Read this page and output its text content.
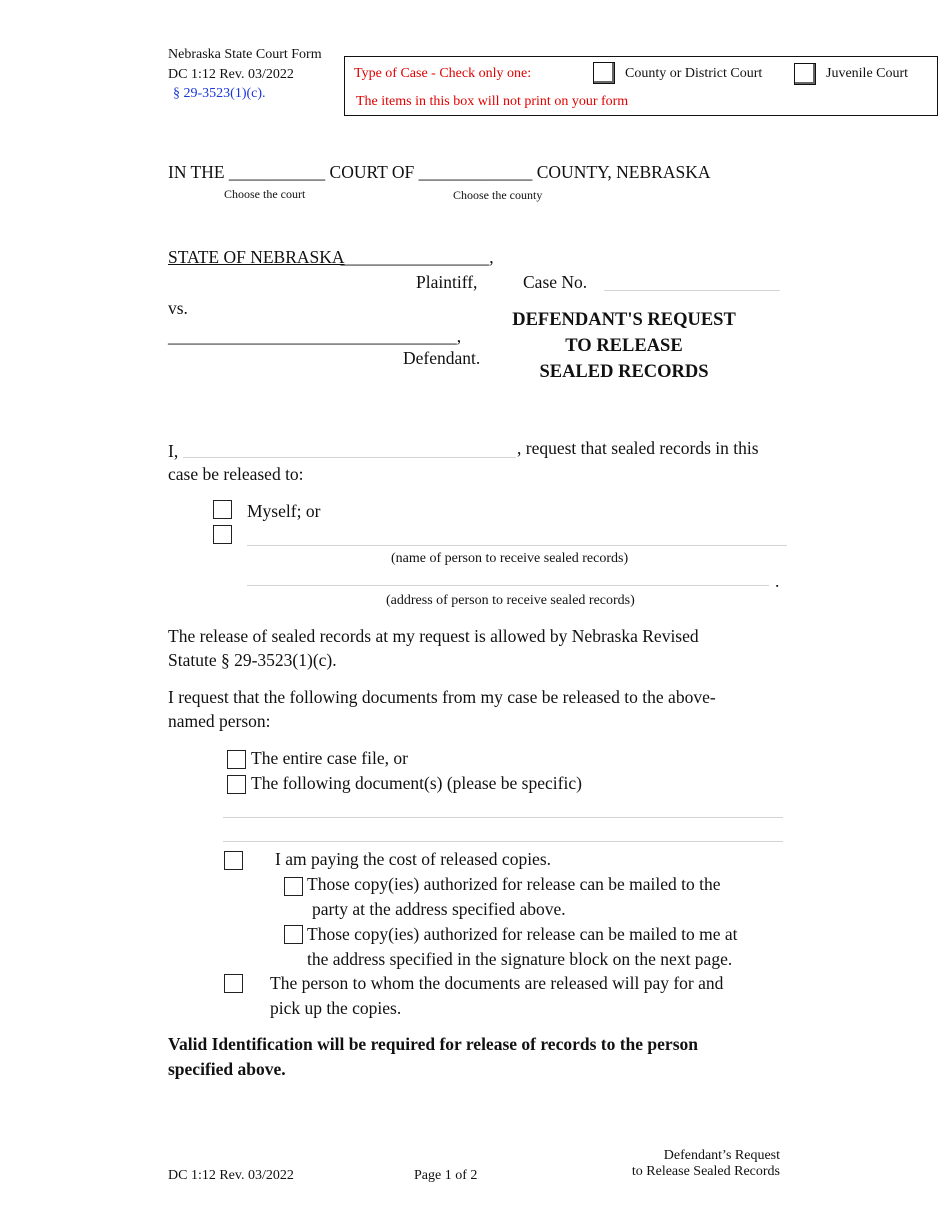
Nebraska State Court Form
DC 1:12 Rev. 03/2022
§ 29-3523(1)(c).
Type of Case - Check only one:	County or District Court	Juvenile Court
The items in this box will not print on your form
IN THE ___________ COURT OF _____________ COUNTY, NEBRASKA
Choose the court	Choose the county
STATE OF NEBRASKA_________________,
Plaintiff,	Case No.
vs.
_________________________________,
Defendant.
DEFENDANT'S REQUEST
TO RELEASE
SEALED RECORDS
I,	, request that sealed records in this
case be released to:
Myself; or
(name of person to receive sealed records)
.
(address of person to receive sealed records)
The release of sealed records at my request is allowed by Nebraska Revised
Statute § 29-3523(1)(c).
I request that the following documents from my case be released to the above-
named person:
The entire case file, or
The following document(s) (please be specific)
I am paying the cost of released copies.
Those copy(ies) authorized for release can be mailed to the
party at the address specified above.
Those copy(ies) authorized for release can be mailed to me at
the address specified in the signature block on the next page.
The person to whom the documents are released will pay for and
pick up the copies.
Valid Identification will be required for release of records to the person
specified above.
DC 1:12 Rev. 03/2022	Page 1 of 2
Defendant’s Request
to Release Sealed Records
